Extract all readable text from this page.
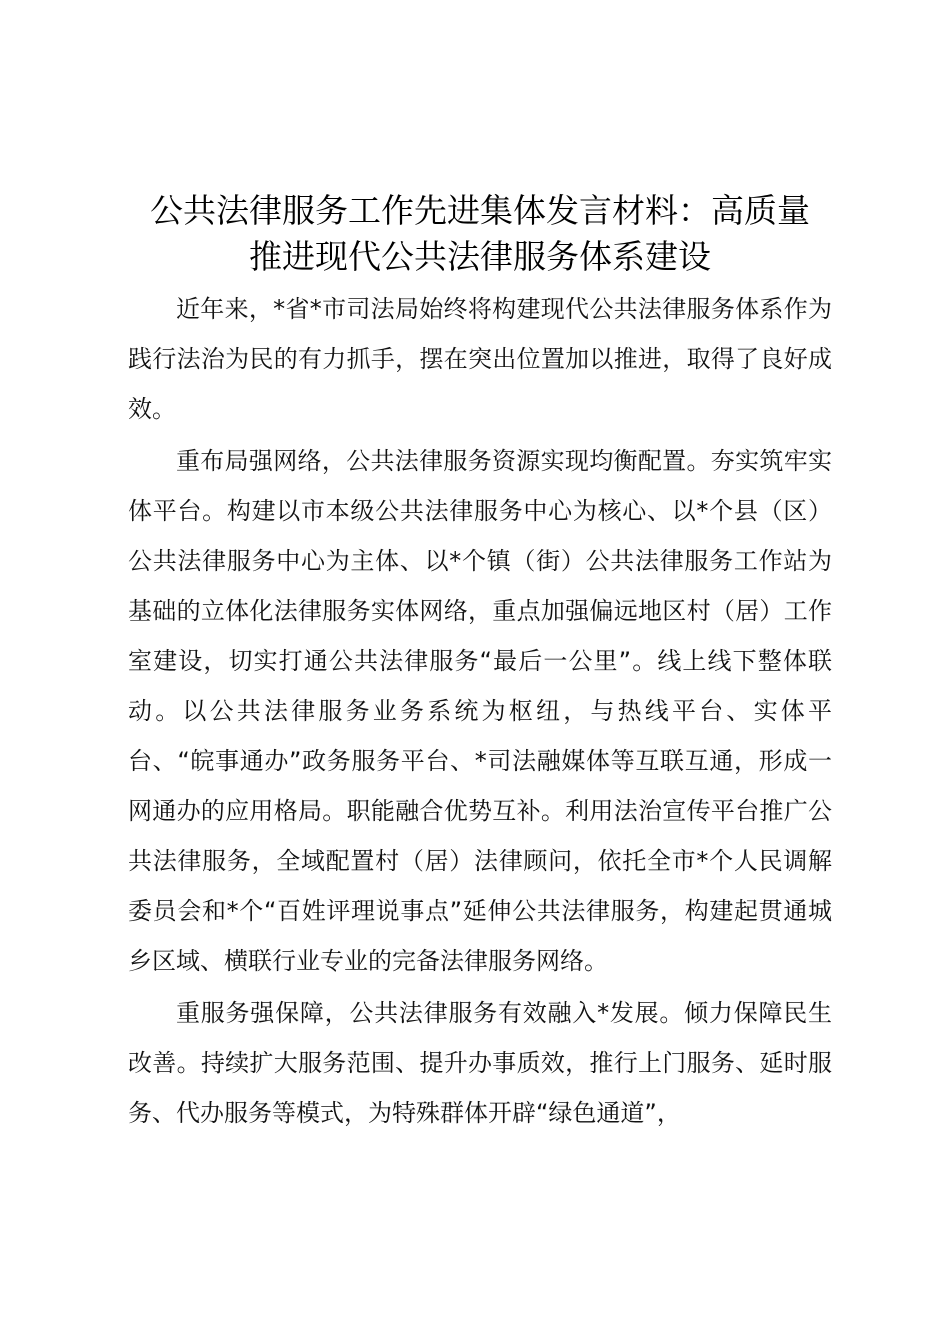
公共法律服务工作先进集体发言材料：高质量
推进现代公共法律服务体系建设

近年来，*省*市司法局始终将构建现代公共法律服务体系作为践行法治为民的有力抓手，摆在突出位置加以推进，取得了良好成效。

重布局强网络，公共法律服务资源实现均衡配置。夯实筑牢实体平台。构建以市本级公共法律服务中心为核心、以*个县（区）公共法律服务中心为主体、以*个镇（街）公共法律服务工作站为基础的立体化法律服务实体网络，重点加强偏远地区村（居）工作室建设，切实打通公共法律服务“最后一公里”。线上线下整体联动。以公共法律服务业务系统为枢纽，与热线平台、实体平台、“皖事通办”政务服务平台、*司法融媒体等互联互通，形成一网通办的应用格局。职能融合优势互补。利用法治宣传平台推广公共法律服务，全域配置村（居）法律顾问，依托全市*个人民调解委员会和*个“百姓评理说事点”延伸公共法律服务，构建起贯通城乡区域、横联行业专业的完备法律服务网络。

重服务强保障，公共法律服务有效融入*发展。倾力保障民生改善。持续扩大服务范围、提升办事质效，推行上门服务、延时服务、代办服务等模式，为特殊群体开辟“绿色通道”，
